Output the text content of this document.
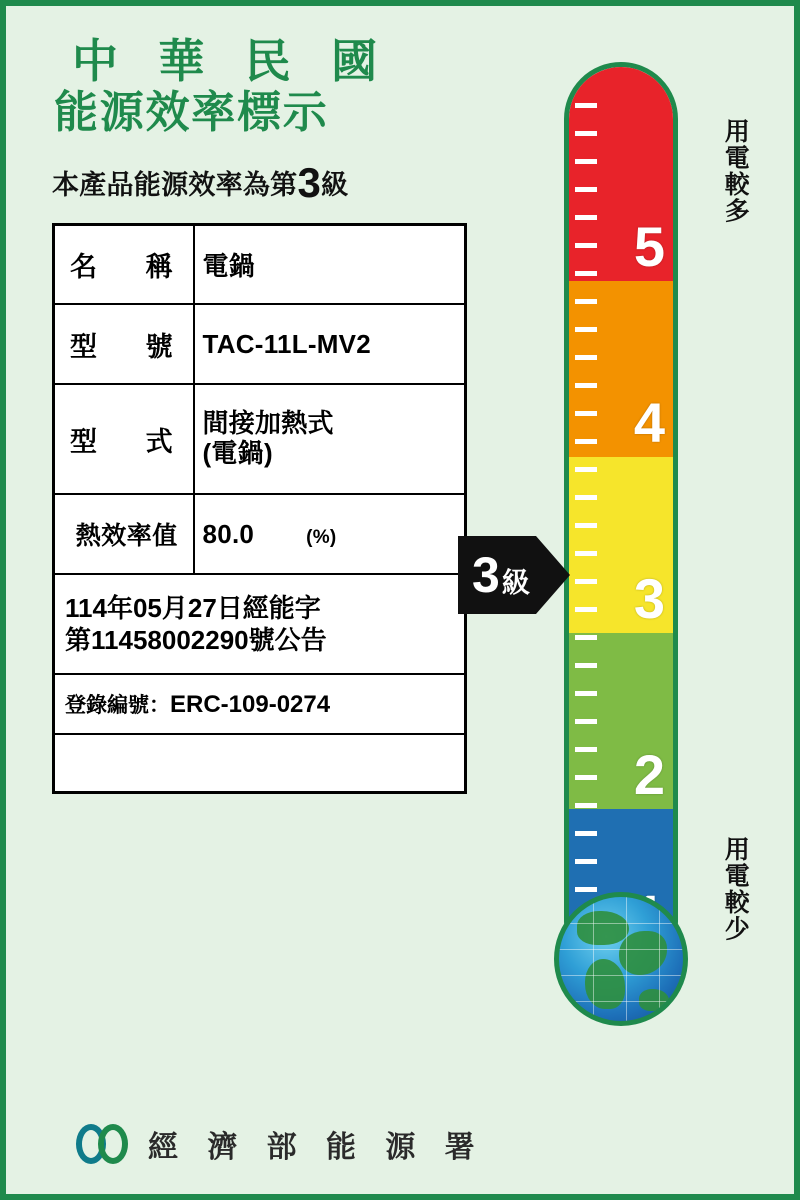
中 華 民 國
能源效率標示
本產品能源效率為第3級
名　稱	電鍋
型　號	TAC-11L-MV2
型　式	間接加熱式
(電鍋)

熱效率值	80.0 (%)

114年05月27日經能字
第11458002290號公告	

登錄編號：ERC-109-0274	

經 濟 部 能 源 署
5
4
3
2
用電較多
用電較少
3 級
